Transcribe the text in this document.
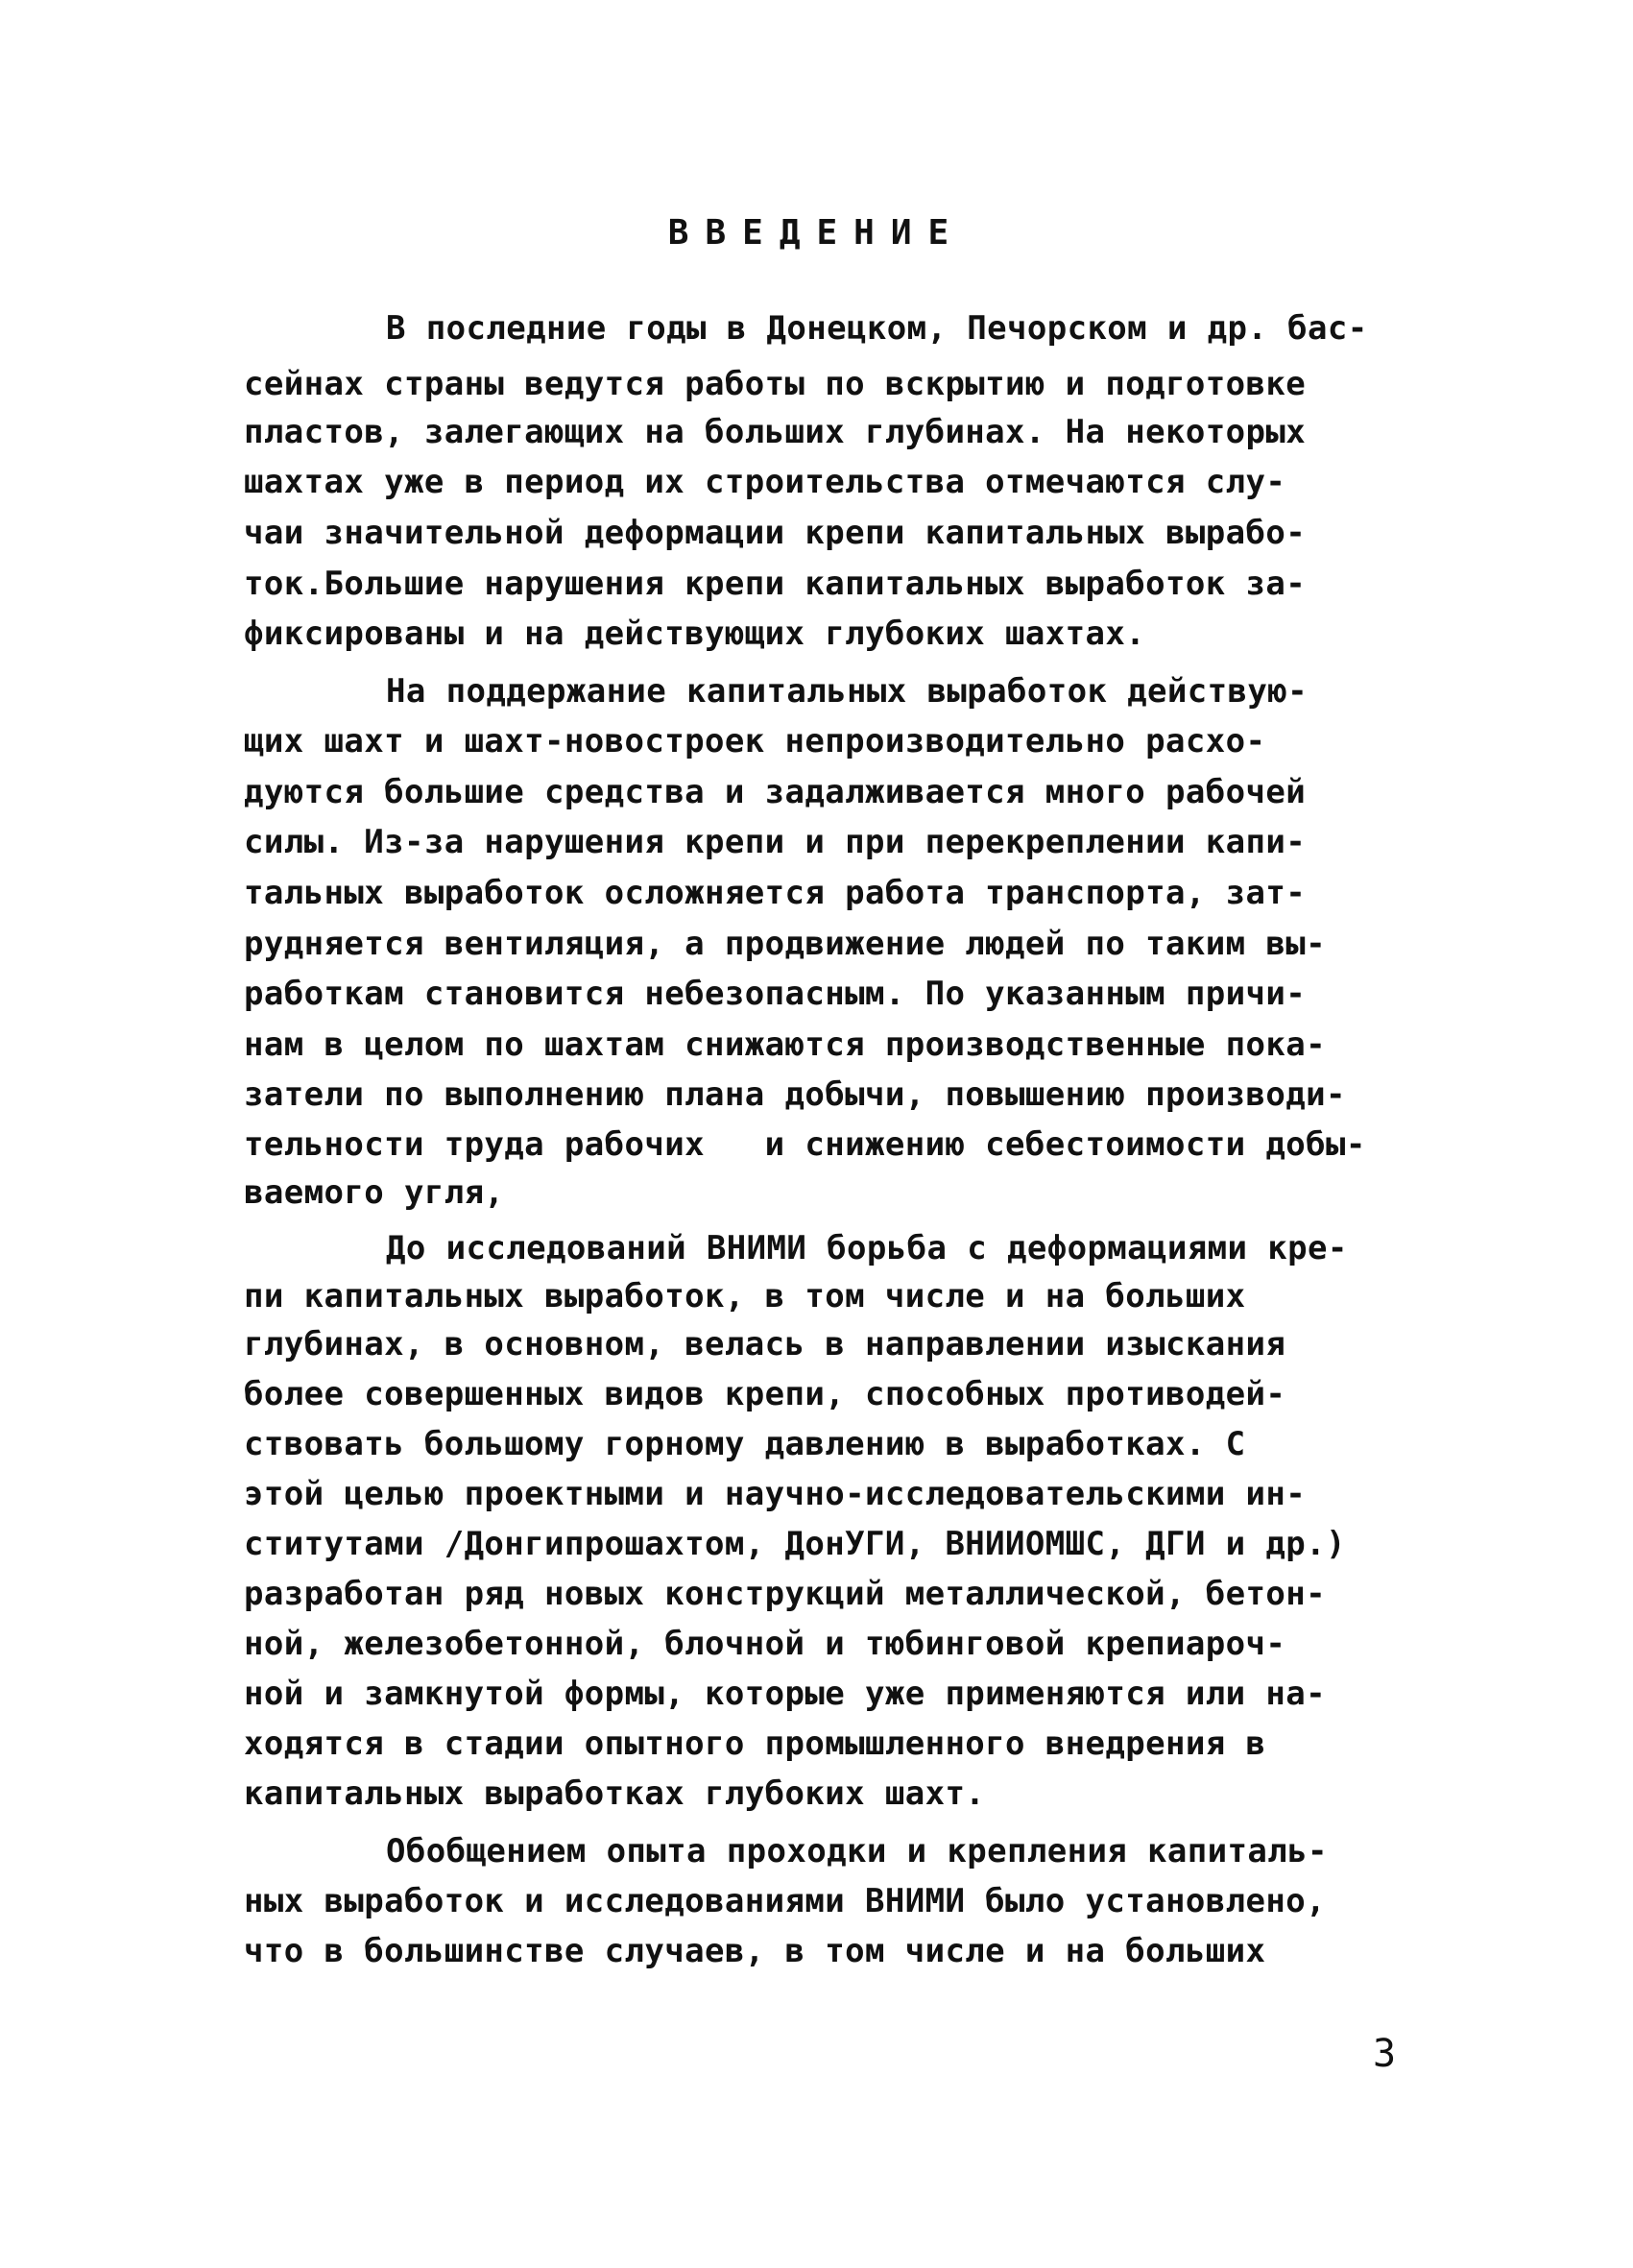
ВВЕДЕНИЕ
В последние годы в Донецком, Печорском и др. бас-
сейнах страны ведутся работы по вскрытию и подготовке
пластов, залегающих на больших глубинах. На некоторых
шахтах уже в период их строительства отмечаются слу-
чаи значительной деформации крепи капитальных вырабо-
ток.Большие нарушения крепи капитальных выработок за-
фиксированы и на действующих глубоких шахтах.
На поддержание капитальных выработок действую-
щих шахт и шахт-новостроек непроизводительно расхо-
дуются большие средства и задалживается много рабочей
силы. Из-за нарушения крепи и при перекреплении капи-
тальных выработок осложняется работа транспорта, зат-
рудняется вентиляция, а продвижение людей по таким вы-
работкам становится небезопасным. По указанным причи-
нам в целом по шахтам снижаются производственные пока-
затели по выполнению плана добычи, повышению производи-
тельности труда рабочих   и снижению себестоимости добы-
ваемого угля,
До исследований ВНИМИ борьба с деформациями кре-
пи капитальных выработок, в том числе и на больших
глубинах, в основном, велась в направлении изыскания
более совершенных видов крепи, способных противодей-
ствовать большому горному давлению в выработках. С
этой целью проектными и научно-исследовательскими ин-
ститутами /Донгипрошахтом, ДонУГИ, ВНИИОМШС, ДГИ и др.)
разработан ряд новых конструкций металлической, бетон-
ной, железобетонной, блочной и тюбинговой крепиароч-
ной и замкнутой формы, которые уже применяются или на-
ходятся в стадии опытного промышленного внедрения в
капитальных выработках глубоких шахт.
Обобщением опыта проходки и крепления капиталь-
ных выработок и исследованиями ВНИМИ было установлено,
что в большинстве случаев, в том числе и на больших
3
